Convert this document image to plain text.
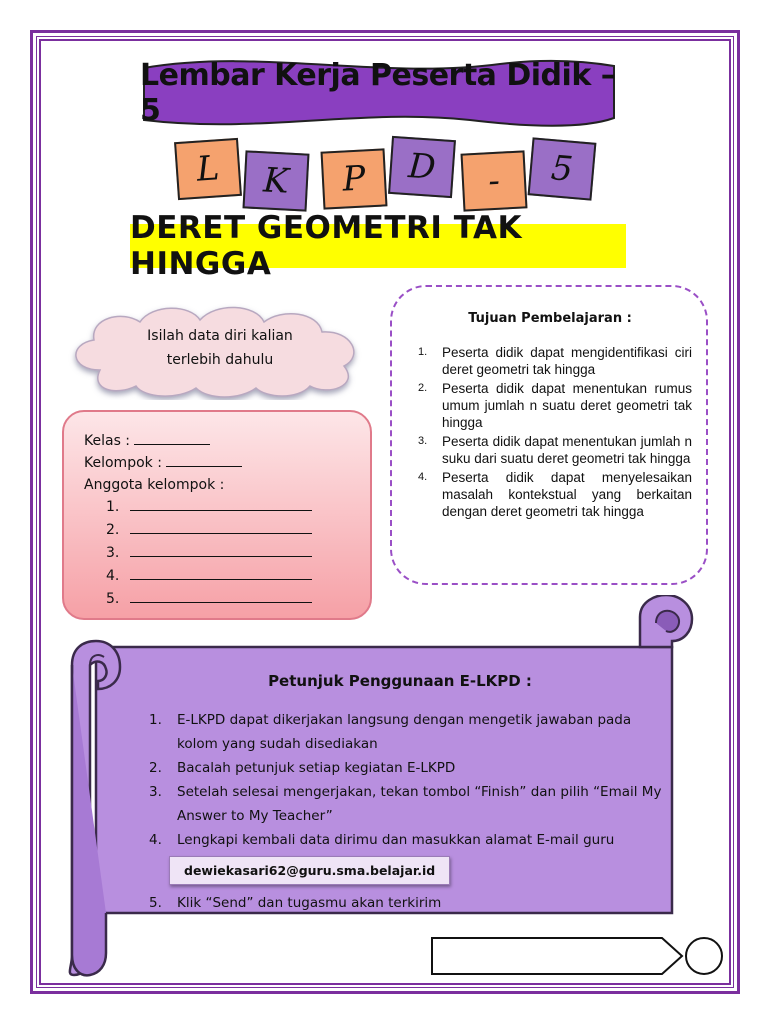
Lembar Kerja Peserta Didik – 5
L	K	P	D	-	5
DERET GEOMETRI TAK HINGGA
Isilah data diri kalian
terlebih dahulu
Kelas :
Kelompok :
Anggota kelompok :
1.
2.
3.
4.
5.
Tujuan Pembelajaran :
1.	Peserta didik dapat mengidentifikasi ciri deret geometri tak hingga
2.	Peserta didik dapat menentukan rumus umum jumlah n suatu deret geometri tak hingga
3.	Peserta didik dapat menentukan jumlah n suku dari suatu deret geometri tak hingga
4.	Peserta didik dapat menyelesaikan masalah kontekstual yang berkaitan dengan deret geometri tak hingga
Petunjuk Penggunaan E-LKPD :
1.	E-LKPD dapat dikerjakan langsung dengan mengetik jawaban pada kolom yang sudah disediakan
2.	Bacalah petunjuk setiap kegiatan E-LKPD
3.	Setelah selesai mengerjakan, tekan tombol “Finish” dan pilih “Email My Answer to My Teacher”
4.	Lengkapi kembali data dirimu dan masukkan alamat E-mail guru
dewiekasari62@guru.sma.belajar.id
5.	Klik “Send” dan tugasmu akan terkirim
